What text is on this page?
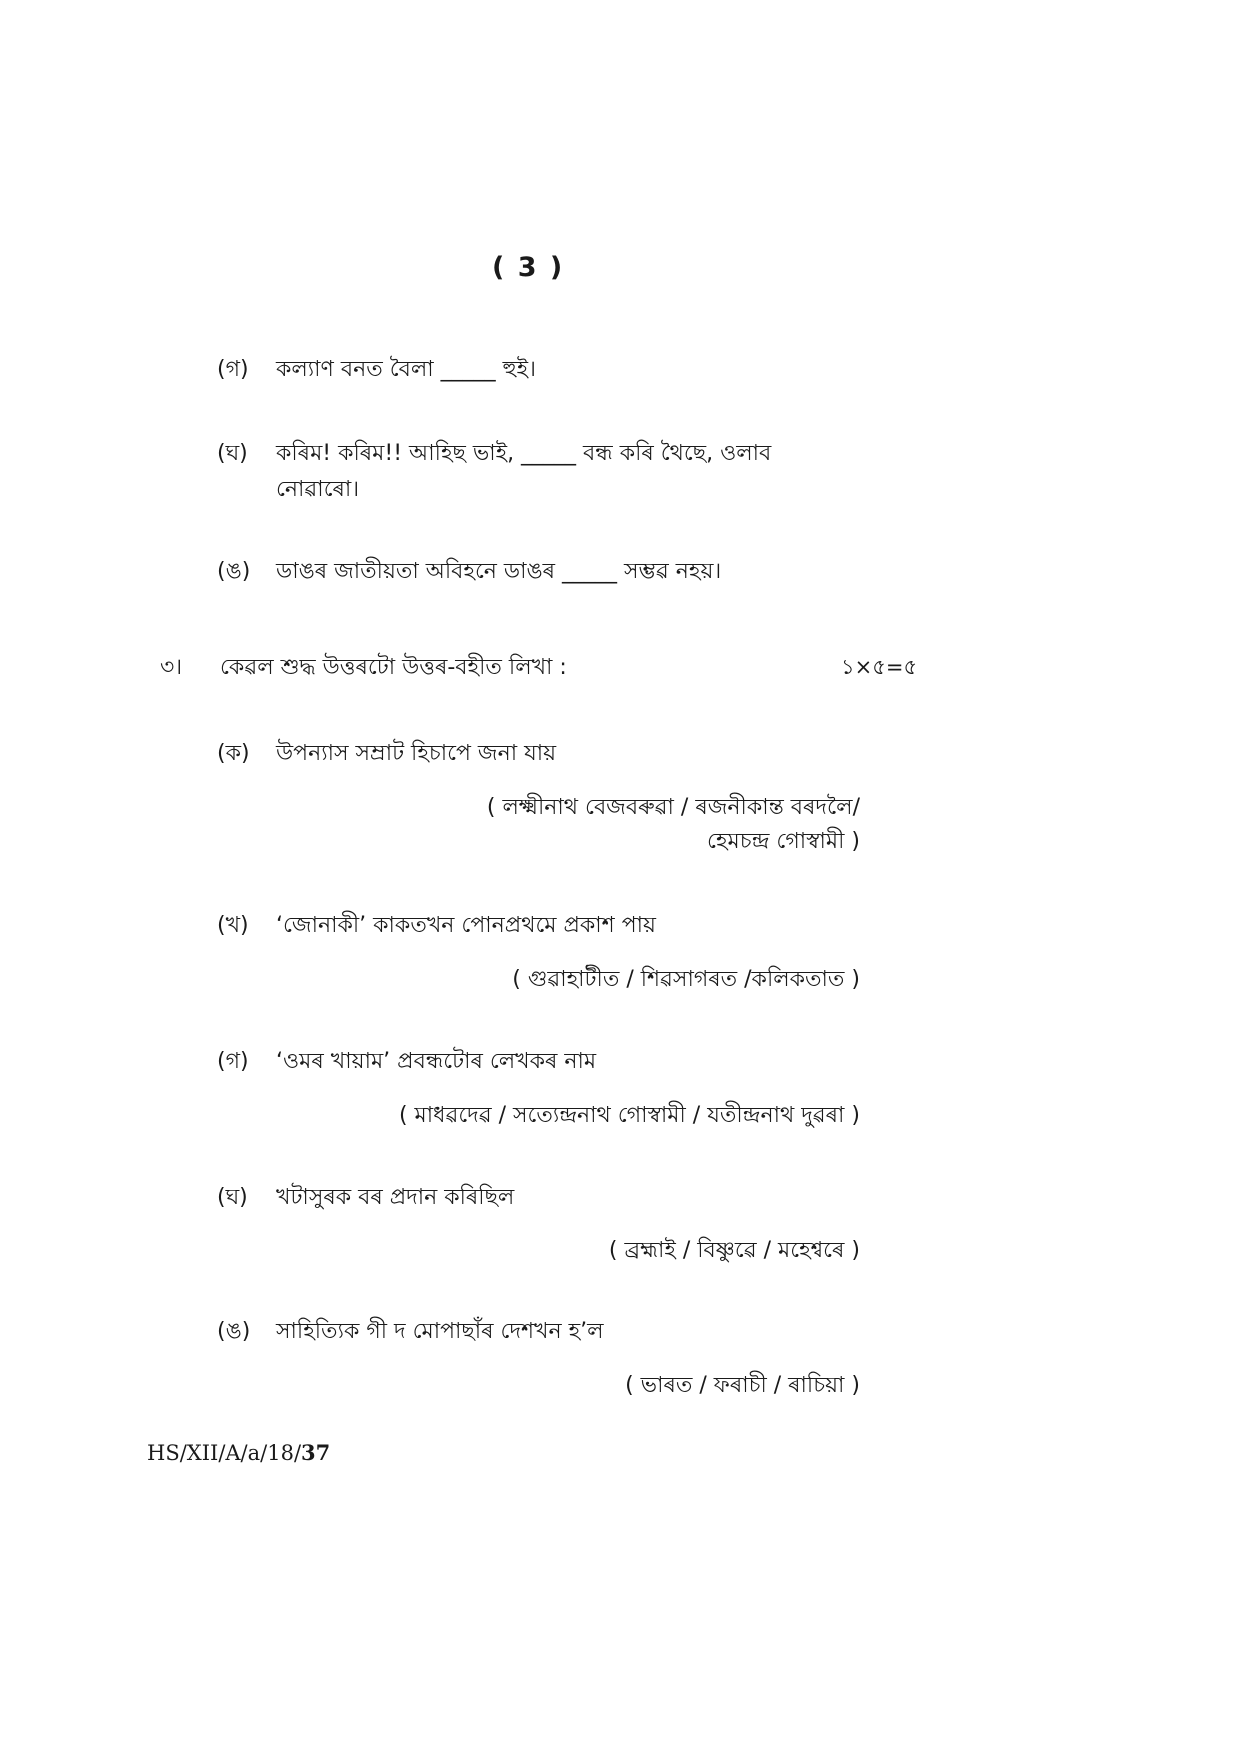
( 3 )
(গ) কল্যাণ বনত বৈলা _____ হুই।
(ঘ) কৰিম! কৰিম!! আহিছ ভাই, _____ বন্ধ কৰি থৈছে, ওলাব
নোৱাৰো।
(ঙ) ডাঙৰ জাতীয়তা অবিহনে ডাঙৰ _____ সম্ভৱ নহয়।
৩। কেৱল শুদ্ধ উত্তৰটো উত্তৰ-বহীত লিখা :	১×৫=৫
(ক) উপন্যাস সম্রাট হিচাপে জনা যায়
( লক্ষ্মীনাথ বেজবৰুৱা / ৰজনীকান্ত বৰদলৈ/
হেমচন্দ্ৰ গোস্বামী )
(খ) ‘জোনাকী’ কাকতখন পোনপ্ৰথমে প্ৰকাশ পায়
( গুৱাহাটীত / শিৱসাগৰত /কলিকতাত )
(গ) ‘ওমৰ খায়াম’ প্ৰবন্ধটোৰ লেখকৰ নাম
( মাধৱদেৱ / সত্যেন্দ্ৰনাথ গোস্বামী / যতীন্দ্ৰনাথ দুৱৰা )
(ঘ) খটাসুৰক বৰ প্ৰদান কৰিছিল
( ব্ৰহ্মাই / বিষ্ণুৱে / মহেশ্বৰে )
(ঙ) সাহিত্যিক গী দ মোপাছাঁৰ দেশখন হ’ল
( ভাৰত / ফৰাচী / ৰাচিয়া )
HS/XII/A/a/18/37
